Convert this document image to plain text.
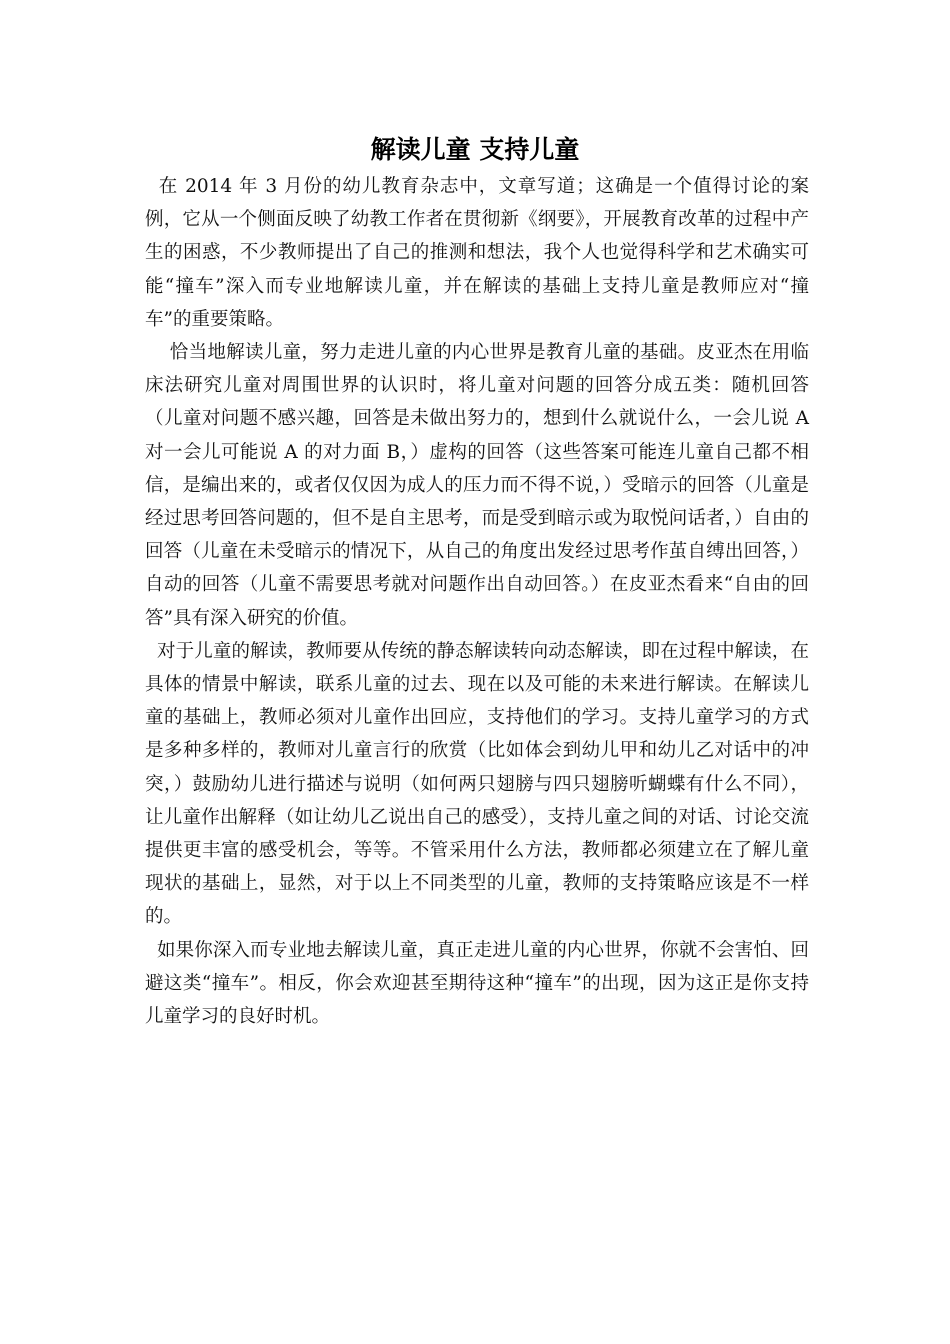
解读儿童 支持儿童

在 2014 年 3 月份的幼儿教育杂志中，文章写道；这确是一个值得讨论的案例，它从一个侧面反映了幼教工作者在贯彻新《纲要》，开展教育改革的过程中产生的困惑，不少教师提出了自己的推测和想法，我个人也觉得科学和艺术确实可能“撞车”深入而专业地解读儿童，并在解读的基础上支持儿童是教师应对“撞车”的重要策略。

恰当地解读儿童，努力走进儿童的内心世界是教育儿童的基础。皮亚杰在用临床法研究儿童对周围世界的认识时，将儿童对问题的回答分成五类：随机回答（儿童对问题不感兴趣，回答是未做出努力的，想到什么就说什么，一会儿说 A 对一会儿可能说 A 的对力面 B，）虚构的回答（这些答案可能连儿童自己都不相信，是编出来的，或者仅仅因为成人的压力而不得不说，）受暗示的回答（儿童是经过思考回答问题的，但不是自主思考，而是受到暗示或为取悦问话者，）自由的回答（儿童在未受暗示的情况下，从自己的角度出发经过思考作茧自缚出回答，）自动的回答（儿童不需要思考就对问题作出自动回答。）在皮亚杰看来“自由的回答”具有深入研究的价值。

对于儿童的解读，教师要从传统的静态解读转向动态解读，即在过程中解读，在具体的情景中解读，联系儿童的过去、现在以及可能的未来进行解读。在解读儿童的基础上，教师必须对儿童作出回应，支持他们的学习。支持儿童学习的方式是多种多样的，教师对儿童言行的欣赏（比如体会到幼儿甲和幼儿乙对话中的冲突，）鼓励幼儿进行描述与说明（如何两只翅膀与四只翅膀听蝴蝶有什么不同），让儿童作出解释（如让幼儿乙说出自己的感受），支持儿童之间的对话、讨论交流提供更丰富的感受机会，等等。不管采用什么方法，教师都必须建立在了解儿童现状的基础上，显然，对于以上不同类型的儿童，教师的支持策略应该是不一样的。

如果你深入而专业地去解读儿童，真正走进儿童的内心世界，你就不会害怕、回避这类“撞车”。相反，你会欢迎甚至期待这种“撞车”的出现，因为这正是你支持儿童学习的良好时机。
